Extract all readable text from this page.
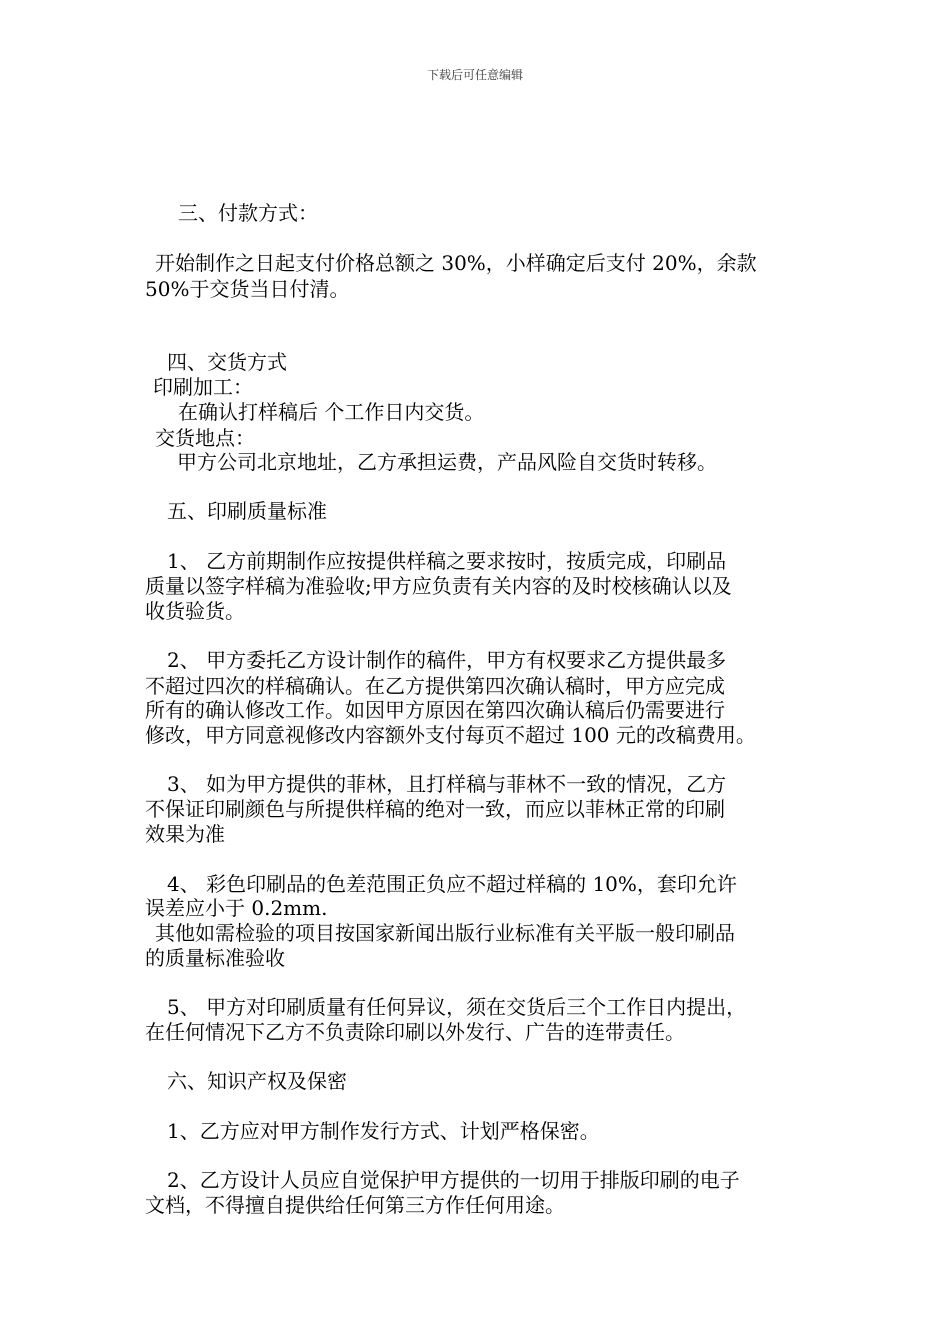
下载后可任意编辑
三、付款方式：
开始制作之日起支付价格总额之 30%，小样确定后支付 20%，余款
50%于交货当日付清。
四、交货方式
印刷加工：
在确认打样稿后 个工作日内交货。
交货地点：
甲方公司北京地址，乙方承担运费，产品风险自交货时转移。
五、印刷质量标准
1、 乙方前期制作应按提供样稿之要求按时，按质完成，印刷品
质量以签字样稿为准验收;甲方应负责有关内容的及时校核确认以及
收货验货。
2、 甲方委托乙方设计制作的稿件，甲方有权要求乙方提供最多
不超过四次的样稿确认。在乙方提供第四次确认稿时，甲方应完成
所有的确认修改工作。如因甲方原因在第四次确认稿后仍需要进行
修改，甲方同意视修改内容额外支付每页不超过 100 元的改稿费用。
3、 如为甲方提供的菲林，且打样稿与菲林不一致的情况，乙方
不保证印刷颜色与所提供样稿的绝对一致，而应以菲林正常的印刷
效果为准
4、 彩色印刷品的色差范围正负应不超过样稿的 10%，套印允许
误差应小于 0.2mm.
其他如需检验的项目按国家新闻出版行业标准有关平版一般印刷品
的质量标准验收
5、 甲方对印刷质量有任何异议，须在交货后三个工作日内提出，
在任何情况下乙方不负责除印刷以外发行、广告的连带责任。
六、知识产权及保密
1、乙方应对甲方制作发行方式、计划严格保密。
2、乙方设计人员应自觉保护甲方提供的一切用于排版印刷的电子
文档，不得擅自提供给任何第三方作任何用途。
